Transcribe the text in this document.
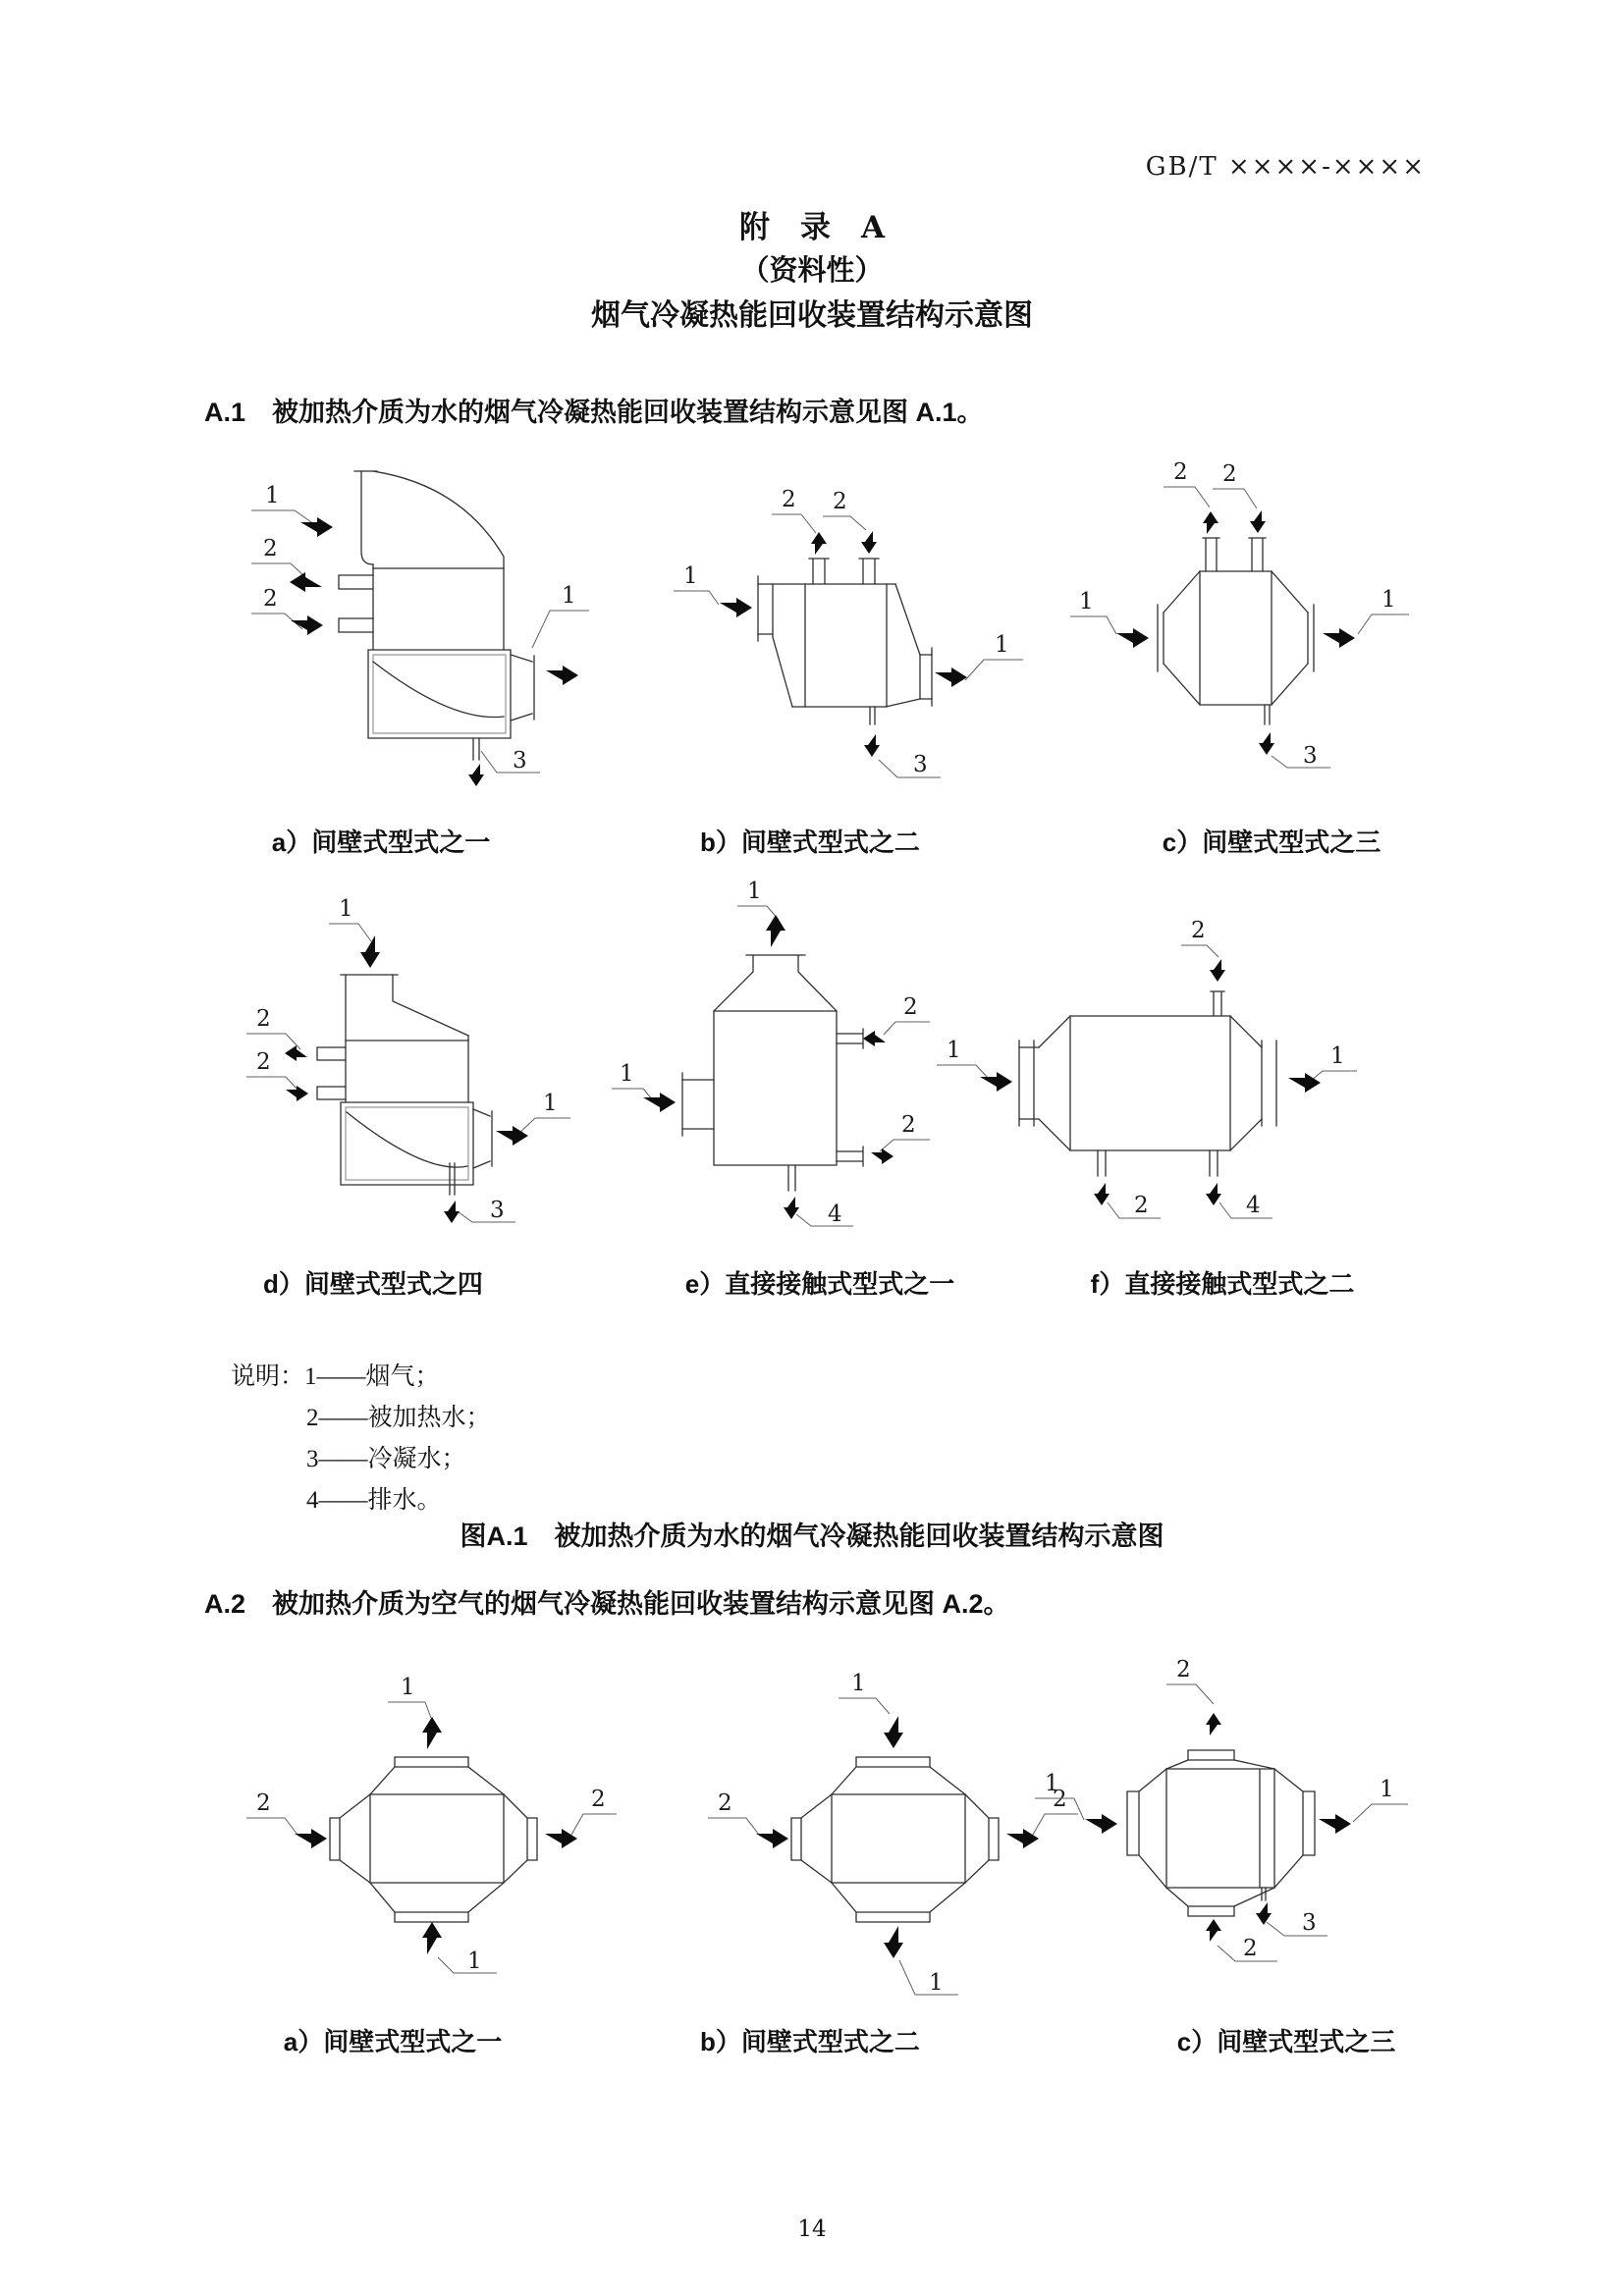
GB/T ××××-××××
附　录　A
（资料性）
烟气冷凝热能回收装置结构示意图
A.1　被加热介质为水的烟气冷凝热能回收装置结构示意见图 A.1。
1
2
2	1
3
2 2
1
1
3
2 2
1	1
3
a）间壁式型式之一	b）间壁式型式之二	c）间壁式型式之三
1
2
2
1
3
1
1
2
2
4
2
1	1
2	4
d）间壁式型式之四	e）直接接触式型式之一	f）直接接触式型式之二
说明：1——烟气；
2——被加热水；
3——冷凝水；
4——排水。
图A.1　被加热介质为水的烟气冷凝热能回收装置结构示意图
A.2　被加热介质为空气的烟气冷凝热能回收装置结构示意见图 A.2。
1
2	2
1
1
2	2
1
2
1	1
2
3
a）间壁式型式之一	b）间壁式型式之二	c）间壁式型式之三
14
